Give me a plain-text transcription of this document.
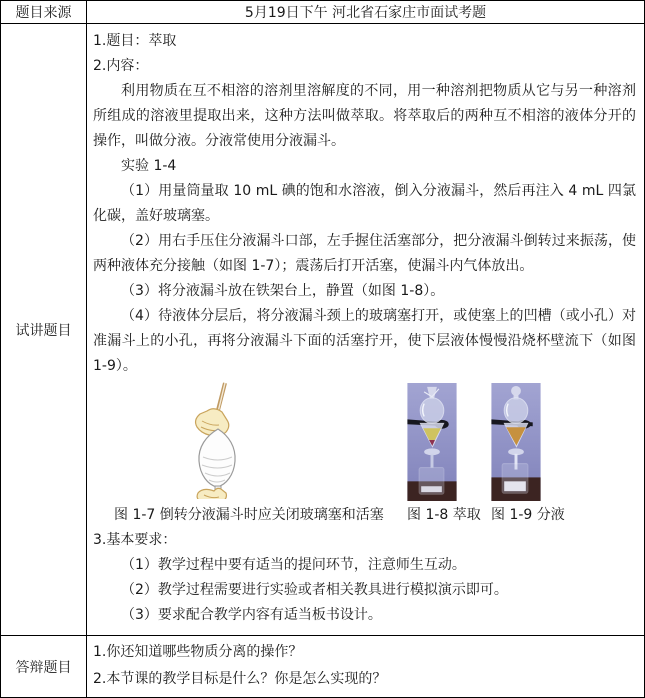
题目来源	5月19日下午 河北省石家庄市面试考题
试讲题目

1.题目：萃取

2.内容：

利用物质在互不相溶的溶剂里溶解度的不同，用一种溶剂把物质从它与另一种溶剂所组成的溶液里提取出来，这种方法叫做萃取。将萃取后的两种互不相溶的液体分开的操作，叫做分液。分液常使用分液漏斗。

实验 1-4

（1）用量筒量取 10 mL 碘的饱和水溶液，倒入分液漏斗，然后再注入 4 mL 四氯化碳，盖好玻璃塞。

（2）用右手压住分液漏斗口部，左手握住活塞部分，把分液漏斗倒转过来振荡，使两种液体充分接触（如图 1-7）；震荡后打开活塞，使漏斗内气体放出。

（3）将分液漏斗放在铁架台上，静置（如图 1-8）。

（4）待液体分层后，将分液漏斗颈上的玻璃塞打开，或使塞上的凹槽（或小孔）对准漏斗上的小孔，再将分液漏斗下面的活塞拧开，使下层液体慢慢沿烧杯壁流下（如图 1-9）。

图 1-7 倒转分液漏斗时应关闭玻璃塞和活塞 图 1-8 萃取 图 1-9 分液

3.基本要求：

（1）教学过程中要有适当的提问环节，注意师生互动。

（2）教学过程需要进行实验或者相关教具进行模拟演示即可。

（3）要求配合教学内容有适当板书设计。

答辩题目

1.你还知道哪些物质分离的操作？

2.本节课的教学目标是什么？你是怎么实现的？
